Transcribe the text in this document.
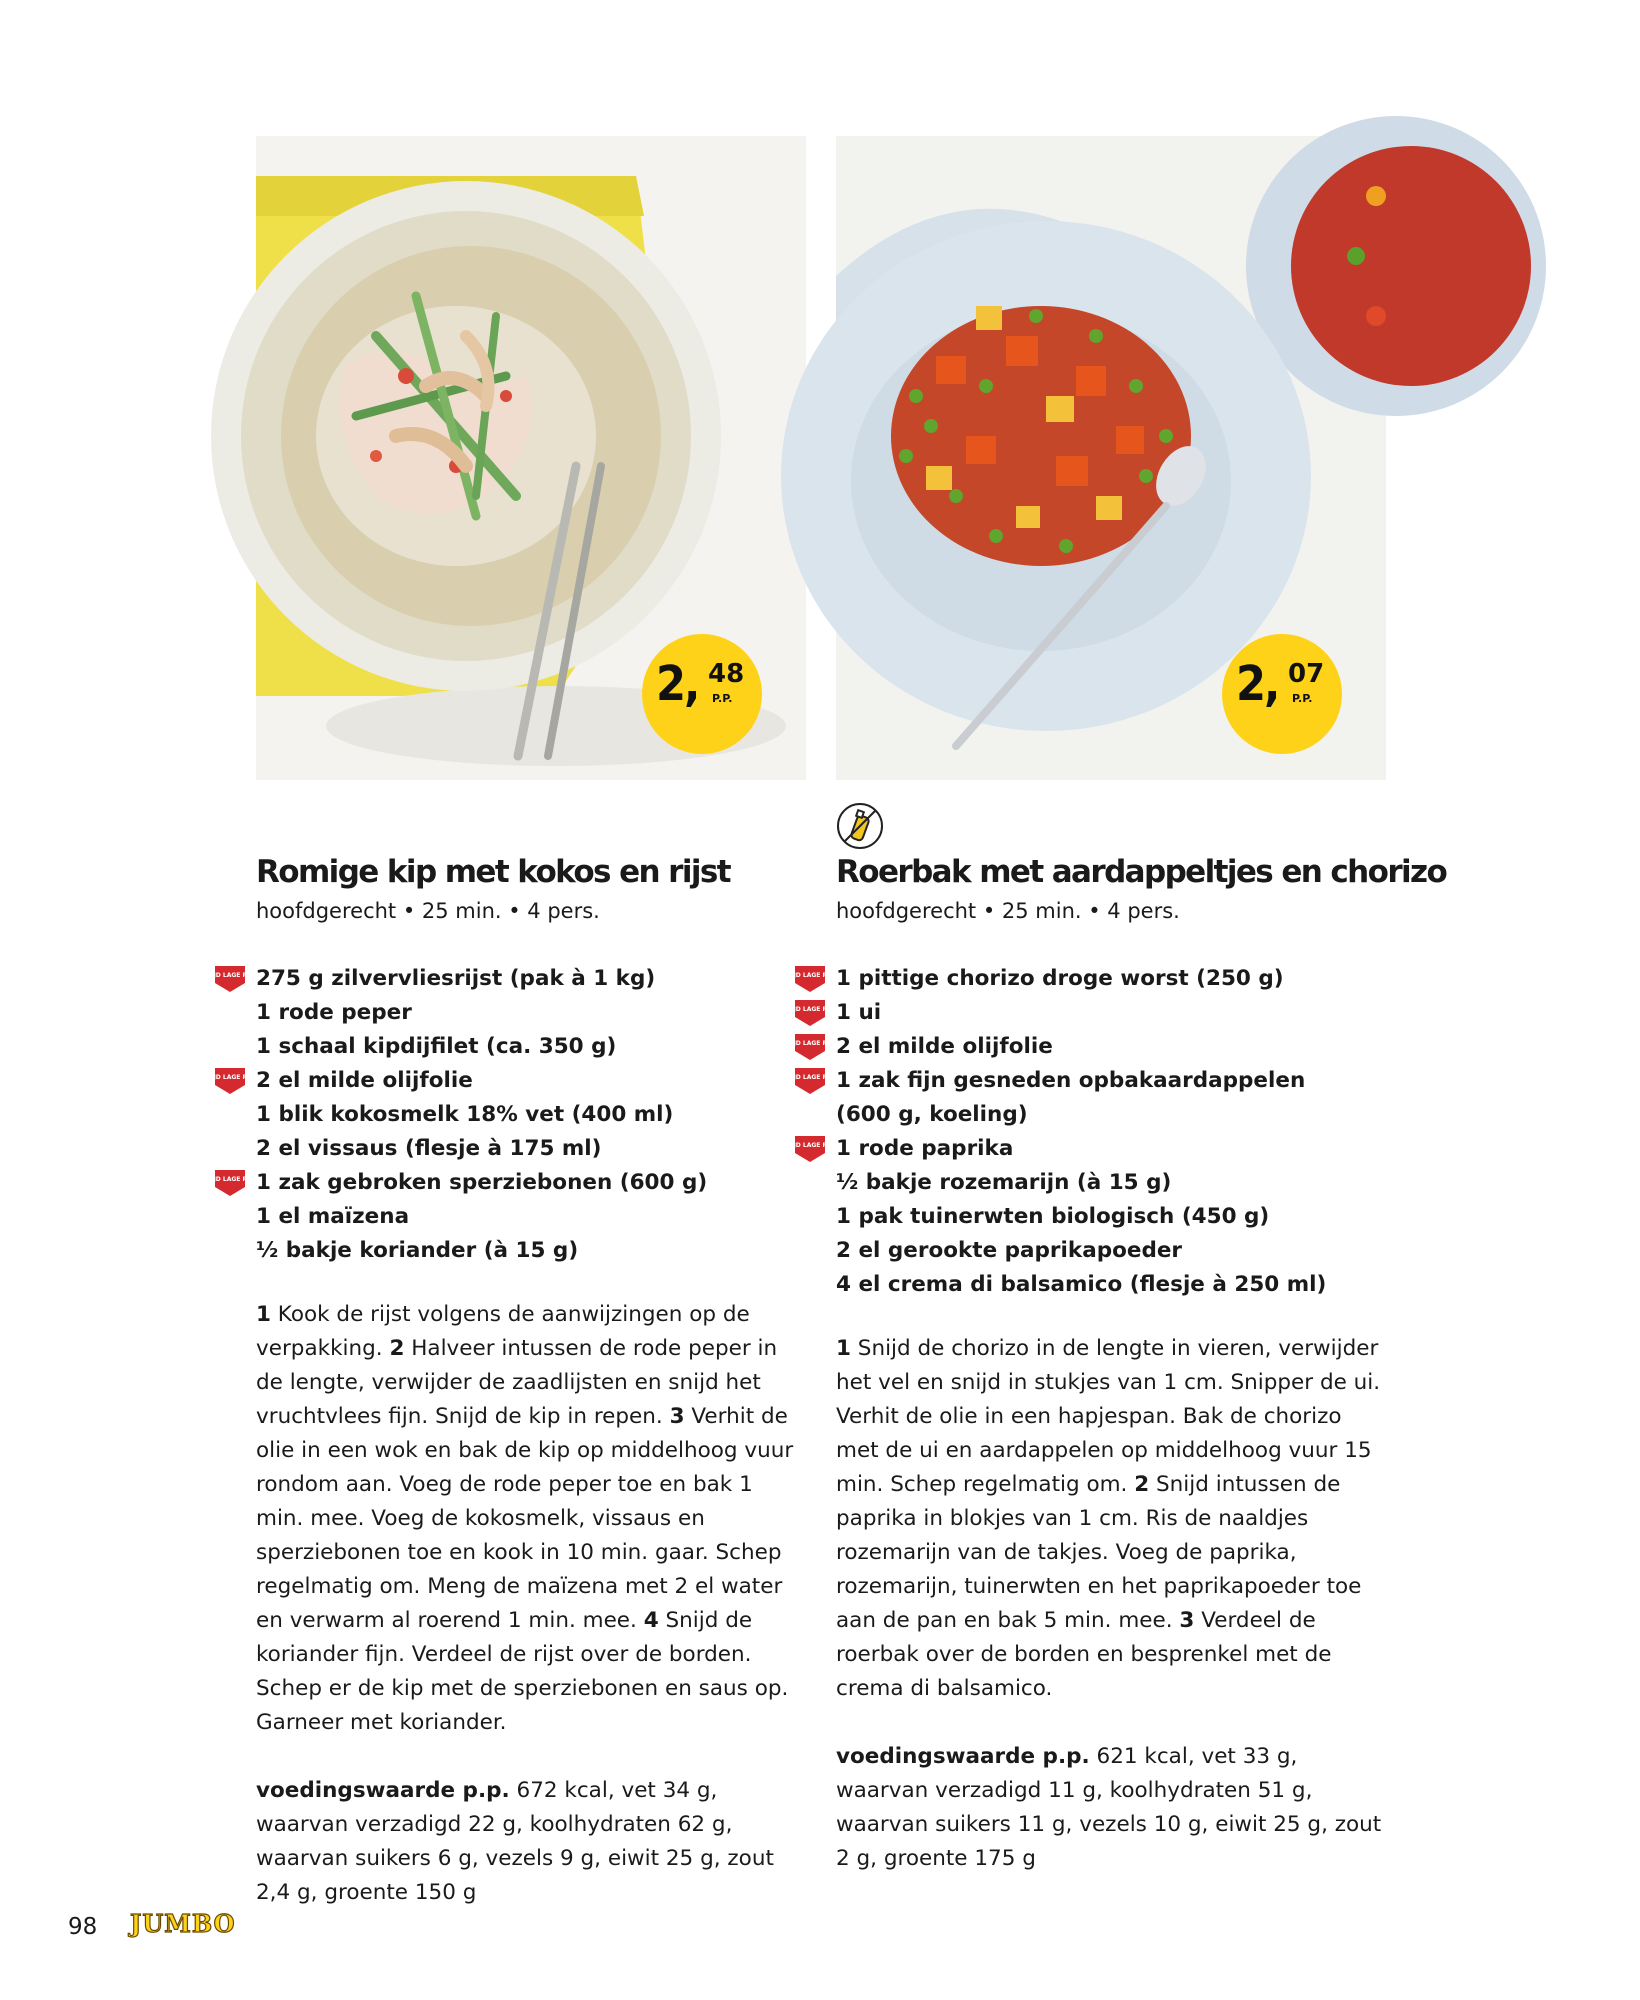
2, 48
P.P.
Romige kip met kokos en rijst
hoofdgerecht • 25 min. • 4 pers.
ALTIJD LAGE PRIJS
275 g zilvervliesrijst (pak à 1 kg)
1 rode peper
1 schaal kipdijfilet (ca. 350 g)
ALTIJD LAGE PRIJS
2 el milde olijfolie
1 blik kokosmelk 18% vet (400 ml)
2 el vissaus (flesje à 175 ml)
ALTIJD LAGE PRIJS
1 zak gebroken sperziebonen (600 g)
1 el maïzena
½ bakje koriander (à 15 g)

1 Kook de rijst volgens de aanwijzingen op de verpakking. 2 Halveer intussen de rode peper in de lengte, verwijder de zaadlijsten en snijd het vruchtvlees fijn. Snijd de kip in repen. 3 Verhit de olie in een wok en bak de kip op middelhoog vuur rondom aan. Voeg de rode peper toe en bak 1 min. mee. Voeg de kokosmelk, vissaus en sperziebonen toe en kook in 10 min. gaar. Schep regelmatig om. Meng de maïzena met 2 el water en verwarm al roerend 1 min. mee. 4 Snijd de koriander fijn. Verdeel de rijst over de borden. Schep er de kip met de sperziebonen en saus op. Garneer met koriander.

voedingswaarde p.p. 672 kcal, vet 34 g, waarvan verzadigd 22 g, koolhydraten 62 g, waarvan suikers 6 g, vezels 9 g, eiwit 25 g, zout 2,4 g, groente 150 g

2, 07
P.P.
Roerbak met aardappeltjes en chorizo
hoofdgerecht • 25 min. • 4 pers.
ALTIJD LAGE PRIJS
1 pittige chorizo droge worst (250 g)
ALTIJD LAGE PRIJS
1 ui
ALTIJD LAGE PRIJS
2 el milde olijfolie
ALTIJD LAGE PRIJS
1 zak fijn gesneden opbakaardappelen
(600 g, koeling)
ALTIJD LAGE PRIJS
1 rode paprika
½ bakje rozemarijn (à 15 g)
1 pak tuinerwten biologisch (450 g)
2 el gerookte paprikapoeder
4 el crema di balsamico (flesje à 250 ml)

1 Snijd de chorizo in de lengte in vieren, verwijder het vel en snijd in stukjes van 1 cm. Snipper de ui. Verhit de olie in een hapjespan. Bak de chorizo met de ui en aardappelen op middelhoog vuur 15 min. Schep regelmatig om. 2 Snijd intussen de paprika in blokjes van 1 cm. Ris de naaldjes rozemarijn van de takjes. Voeg de paprika, rozemarijn, tuinerwten en het paprikapoeder toe aan de pan en bak 5 min. mee. 3 Verdeel de roerbak over de borden en besprenkel met de crema di balsamico.

voedingswaarde p.p. 621 kcal, vet 33 g, waarvan verzadigd 11 g, koolhydraten 51 g, waarvan suikers 11 g, vezels 10 g, eiwit 25 g, zout 2 g, groente 175 g

98 JUMBO
